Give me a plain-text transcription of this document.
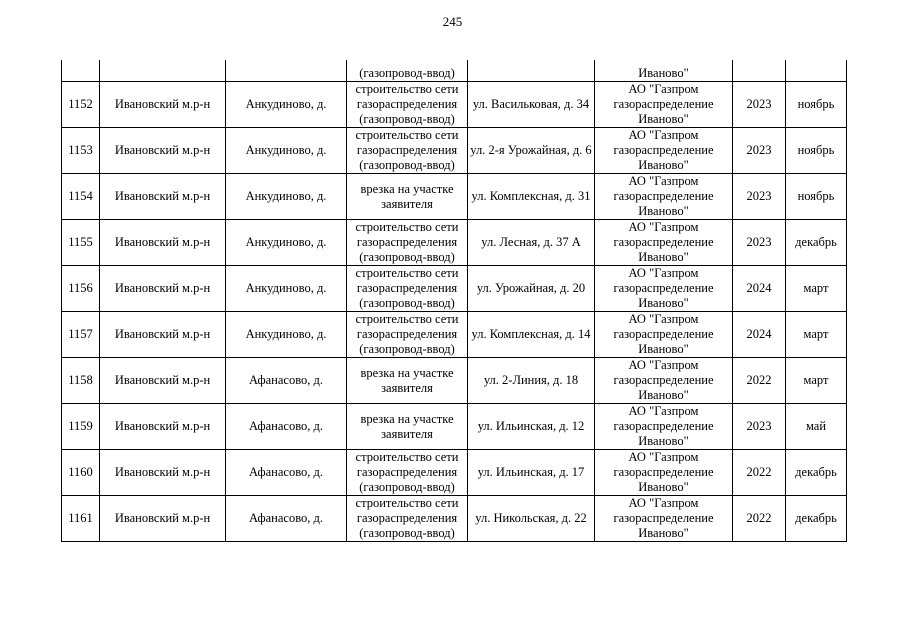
245
			(газопровод-ввод)		Иваново"		
1152	Ивановский м.р-н	Анкудиново, д.	строительство сети газораспределения (газопровод-ввод)	ул. Васильковая, д. 34	АО "Газпром газораспределение Иваново"	2023	ноябрь
1153	Ивановский м.р-н	Анкудиново, д.	строительство сети газораспределения (газопровод-ввод)	ул. 2-я Урожайная, д. 6	АО "Газпром газораспределение Иваново"	2023	ноябрь
1154	Ивановский м.р-н	Анкудиново, д.	врезка на участке заявителя	ул. Комплексная, д. 31	АО "Газпром газораспределение Иваново"	2023	ноябрь
1155	Ивановский м.р-н	Анкудиново, д.	строительство сети газораспределения (газопровод-ввод)	ул. Лесная, д. 37 А	АО "Газпром газораспределение Иваново"	2023	декабрь
1156	Ивановский м.р-н	Анкудиново, д.	строительство сети газораспределения (газопровод-ввод)	ул. Урожайная, д. 20	АО "Газпром газораспределение Иваново"	2024	март
1157	Ивановский м.р-н	Анкудиново, д.	строительство сети газораспределения (газопровод-ввод)	ул. Комплексная, д. 14	АО "Газпром газораспределение Иваново"	2024	март
1158	Ивановский м.р-н	Афанасово, д.	врезка на участке заявителя	ул. 2-Линия, д. 18	АО "Газпром газораспределение Иваново"	2022	март
1159	Ивановский м.р-н	Афанасово, д.	врезка на участке заявителя	ул. Ильинская, д. 12	АО "Газпром газораспределение Иваново"	2023	май
1160	Ивановский м.р-н	Афанасово, д.	строительство сети газораспределения (газопровод-ввод)	ул. Ильинская, д. 17	АО "Газпром газораспределение Иваново"	2022	декабрь
1161	Ивановский м.р-н	Афанасово, д.	строительство сети газораспределения (газопровод-ввод)	ул. Никольская, д. 22	АО "Газпром газораспределение Иваново"	2022	декабрь
